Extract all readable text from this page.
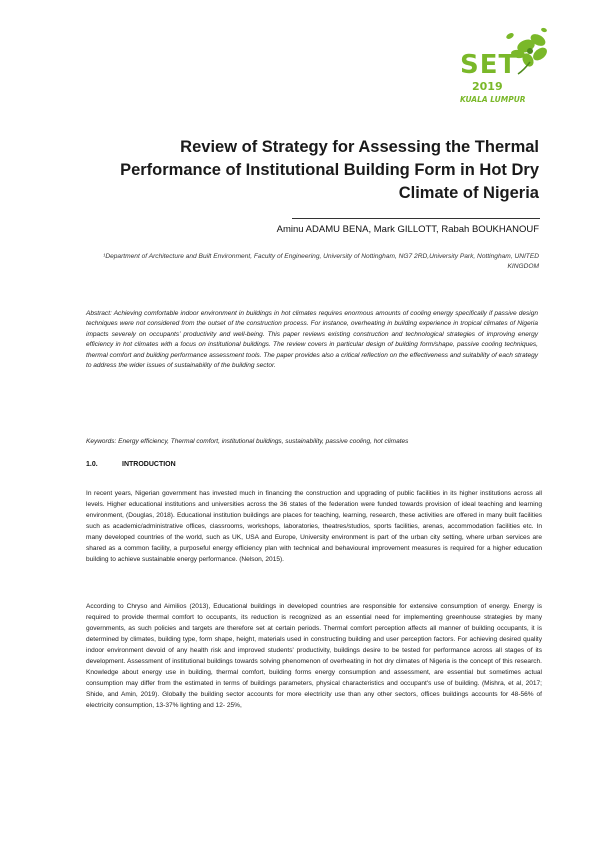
SET
2019
KUALA LUMPUR
Review of Strategy for Assessing the Thermal Performance of Institutional Building Form in Hot Dry Climate of Nigeria
Aminu ADAMU BENA, Mark GILLOTT, Rabah BOUKHANOUF
¹Department of Architecture and Built Environment, Faculty of Engineering, University of Nottingham, NG7 2RD,University Park, Nottingham, UNITED KINGDOM

Abstract: Achieving comfortable indoor environment in buildings in hot climates requires enormous amounts of cooling energy specifically if passive design techniques were not considered from the outset of the construction process. For instance, overheating in building experience in tropical climates of Nigeria impacts severely on occupants’ productivity and well-being. This paper reviews existing construction and technological strategies of improving energy efficiency in hot climates with a focus on institutional buildings. The review covers in particular design of building form/shape, passive cooling techniques, thermal comfort and building performance assessment tools. The paper provides also a critical reflection on the effectiveness and suitability of each strategy to address the wider issues of sustainability of the building sector.

Keywords: Energy efficiency, Thermal comfort, institutional buildings, sustainability, passive cooling, hot climates
1.0.	INTRODUCTION

In recent years, Nigerian government has invested much in financing the construction and upgrading of public facilities in its higher institutions across all levels. Higher educational institutions and universities across the 36 states of the federation were funded towards provision of ideal teaching and learning environment, (Douglas, 2018). Educational institution buildings are places for teaching, learning, research, these activities are offered in many built facilities such as academic/administrative offices, classrooms, workshops, laboratories, theatres/studios, sports facilities, arenas, accommodation facilities etc. In many developed countries of the world, such as UK, USA and Europe, University environment is part of the urban city setting, where urban services are shared as a common facility, a purposeful energy efficiency plan with technical and behavioural improvement measures is required for a higher education building to achieve sustainable energy performance. (Nelson, 2015).

According to Chryso and Aimilios (2013), Educational buildings in developed countries are responsible for extensive consumption of energy. Energy is required to provide thermal comfort to occupants, its reduction is recognized as an essential need for implementing greenhouse strategies by many governments, as such policies and targets are therefore set at certain periods. Thermal comfort perception affects all manner of building occupants, it is determined by climates, building type, form shape, height, materials used in constructing building and user perception factors. For achieving desired quality indoor environment devoid of any health risk and improved students' productivity, buildings desire to be tested for performance across all stages of its development. Assessment of institutional buildings towards solving phenomenon of overheating in hot dry climates of Nigeria is the concept of this research. Knowledge about energy use in building, thermal comfort, building forms energy consumption and assessment, are essential but sometimes actual consumption may differ from the estimated in terms of buildings parameters, physical characteristics and occupant's use of building. (Mishra, et al, 2017; Shide, and Amin, 2019). Globally the building sector accounts for more electricity use than any other sectors, offices buildings accounts for 48-56% of electricity consumption, 13-37% lighting and 12- 25%,
